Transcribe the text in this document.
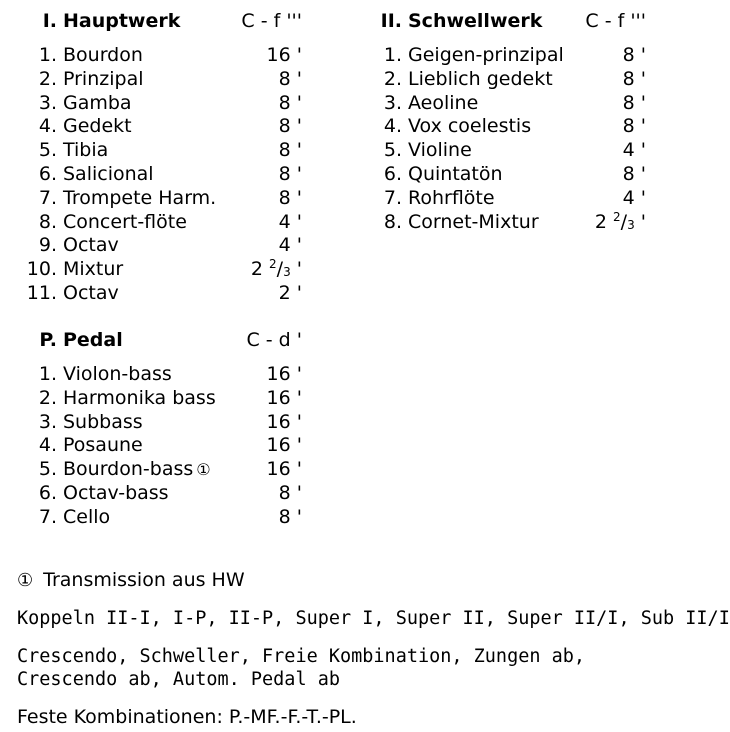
I. Hauptwerk	C - f '''
1. Bourdon	16 '
2. Prinzipal	8 '
3. Gamba	8 '
4. Gedekt	8 '
5. Tibia	8 '
6. Salicional	8 '
7. Trompete Harm.	8 '
8. Concert-flöte	4 '
9. Octav	4 '
10. Mixtur	2 $^2/_3$ '
11. Octav	2 '
II. Schwellwerk C - f '''
1. Geigen-prinzipal	8 '
2. Lieblich gedekt	8 '
3. Aeoline	8 '
4. Vox coelestis	8 '
5. Violine	4 '
6. Quintatön	8 '
7. Rohrflöte	4 '
8. Cornet-Mixtur	2 $^2/_3$ '
P. Pedal	C - d '
1. Violon-bass	16 '
2. Harmonika bass	16 '
3. Subbass	16 '
4. Posaune	16 '
5. Bourdon-bass ①	16 '
6. Octav-bass	8 '
7. Cello	8 '
① Transmission aus HW
Koppeln II-I, I-P, II-P, Super I, Super II, Super II/I, Sub II/I
Crescendo, Schweller, Freie Kombination, Zungen ab,
Crescendo ab, Autom. Pedal ab
Feste Kombinationen: P.-MF.-F.-T.-PL.
